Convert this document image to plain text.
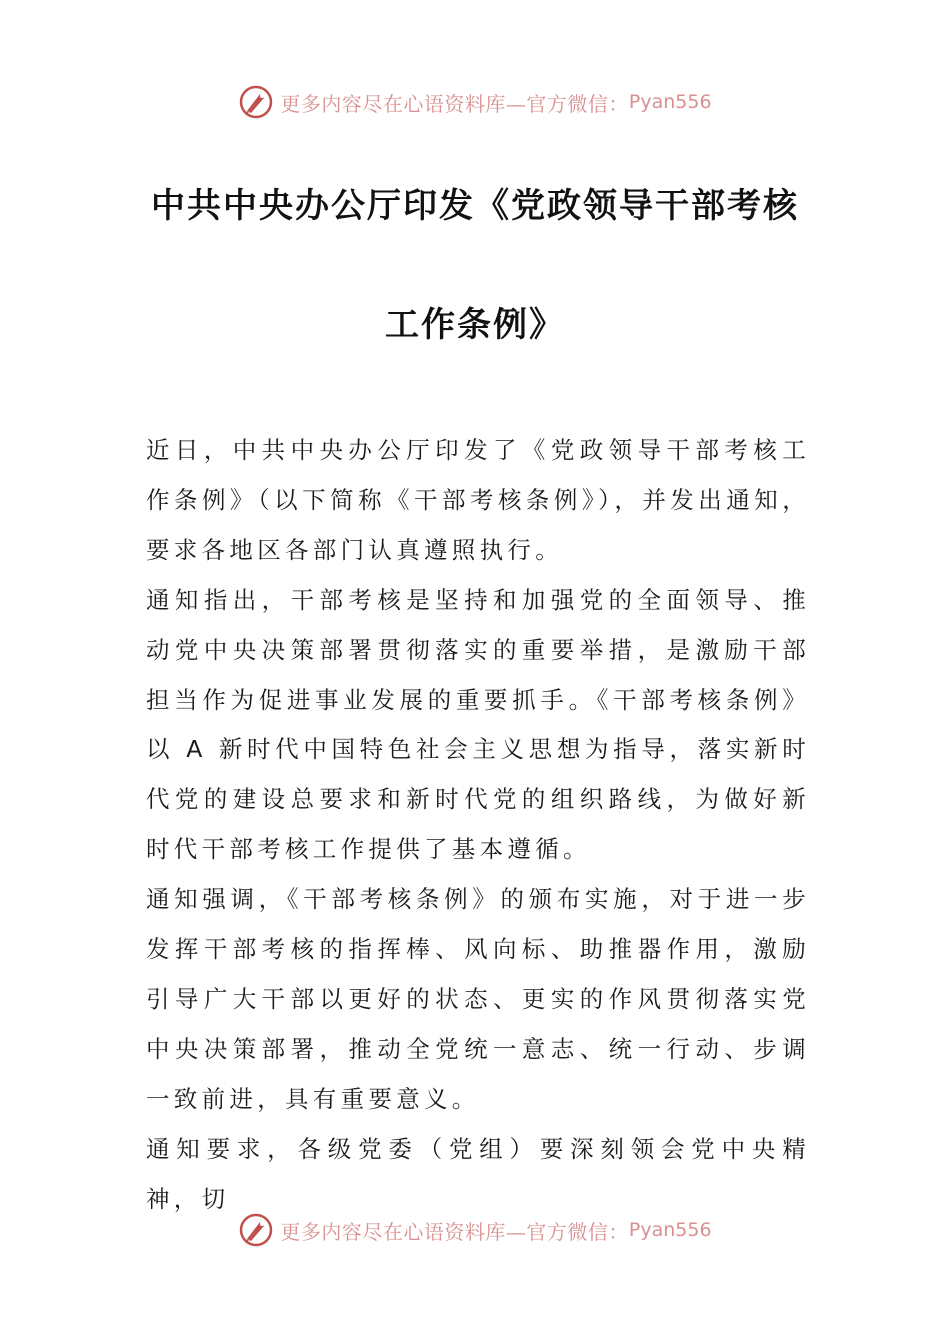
更多内容尽在心语资料库—官方微信： Pyan556
中共中央办公厅印发《党政领导干部考核
工作条例》

近日，中共中央办公厅印发了《党政领导干部考核工作条例》（以下简称《干部考核条例》），并发出通知，要求各地区各部门认真遵照执行。

通知指出，干部考核是坚持和加强党的全面领导、推动党中央决策部署贯彻落实的重要举措，是激励干部担当作为促进事业发展的重要抓手。《干部考核条例》以 A 新时代中国特色社会主义思想为指导，落实新时代党的建设总要求和新时代党的组织路线，为做好新时代干部考核工作提供了基本遵循。

通知强调，《干部考核条例》的颁布实施，对于进一步发挥干部考核的指挥棒、风向标、助推器作用，激励引导广大干部以更好的状态、更实的作风贯彻落实党中央决策部署，推动全党统一意志、统一行动、步调一致前进，具有重要意义。

通知要求，各级党委（党组）要深刻领会党中央精神，切

更多内容尽在心语资料库—官方微信： Pyan556
